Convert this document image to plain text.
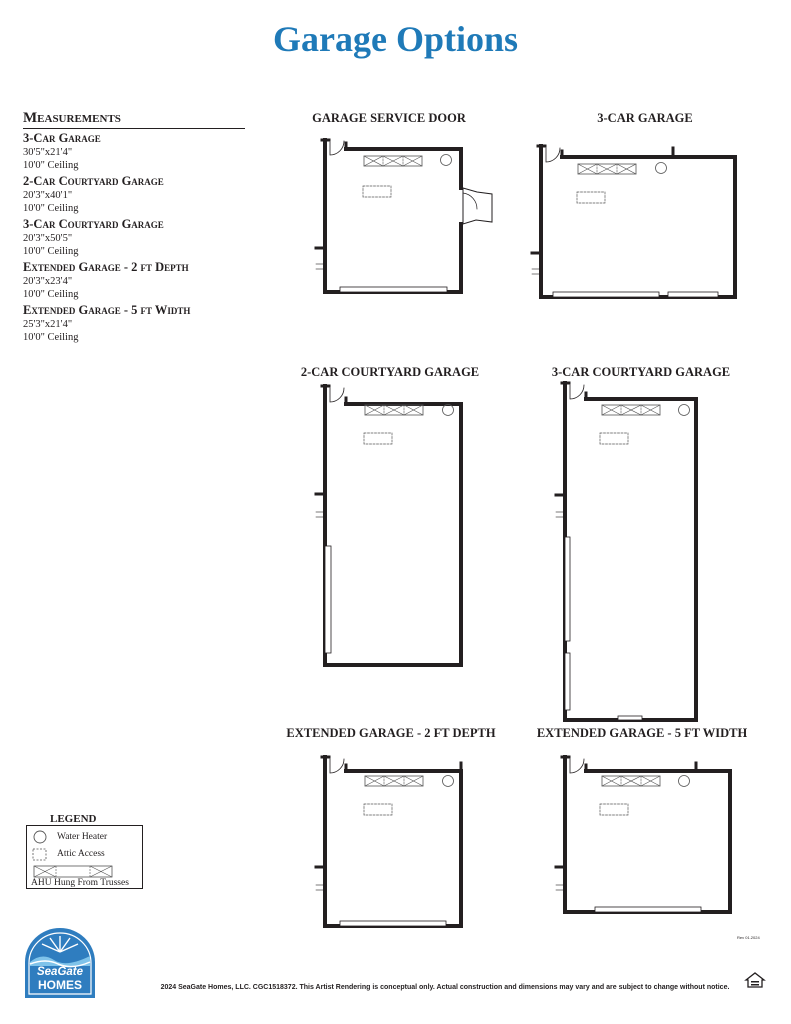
Garage Options
Measurements
3-Car Garage
30'5"x21'4"
10'0" Ceiling
2-Car Courtyard Garage
20'3"x40'1"
10'0" Ceiling
3-Car Courtyard Garage
20'3"x50'5"
10'0" Ceiling
Extended Garage - 2 ft Depth
20'3"x23'4"
10'0" Ceiling
Extended Garage - 5 ft Width
25'3"x21'4"
10'0" Ceiling
GARAGE SERVICE DOOR	3-CAR GARAGE
2-CAR COURTYARD GARAGE	3-CAR COURTYARD GARAGE
EXTENDED GARAGE - 2 FT DEPTH	EXTENDED GARAGE - 5 FT WIDTH
LEGEND
Water Heater
Attic Access
AHU Hung From Trusses
SeaGate
HOMES	2024 SeaGate Homes, LLC. CGC1518372. This Artist Rendering is conceptual only. Actual construction and dimensions may vary and are subject to change without notice.
Rev 01.2024
